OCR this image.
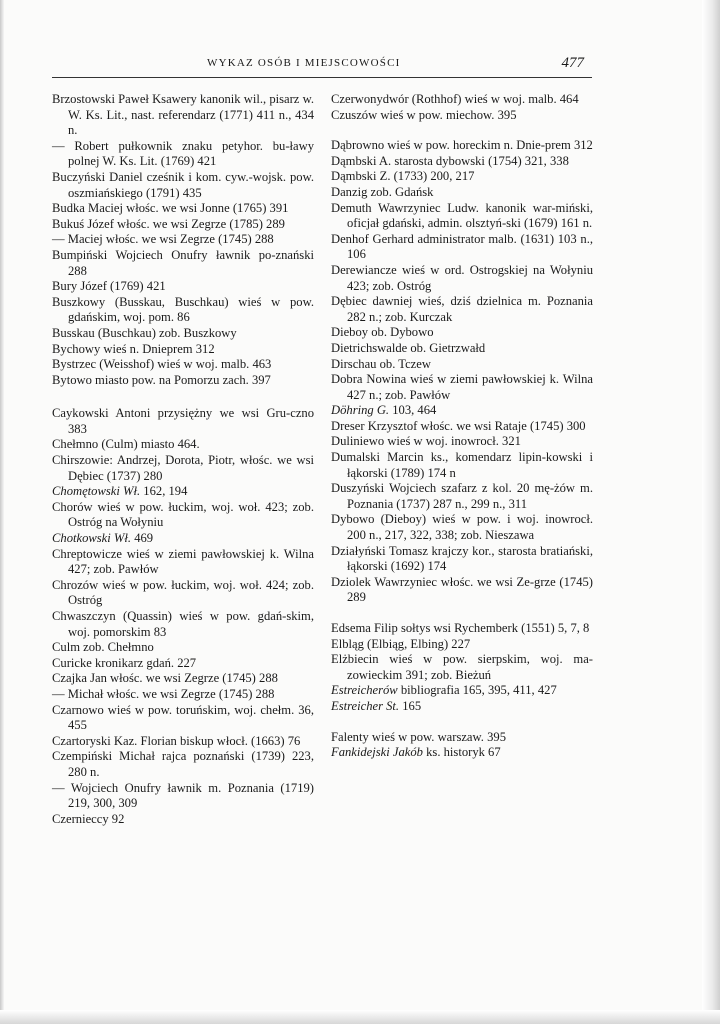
WYKAZ OSÓB I MIEJSCOWOŚCI	477

Brzostowski Paweł Ksawery kanonik wil., pisarz w. W. Ks. Lit., nast. referendarz (1771) 411 n., 434 n.

— Robert pułkownik znaku petyhor. bu-ławy polnej W. Ks. Lit. (1769) 421

Buczyński Daniel cześnik i kom. cyw.-wojsk. pow. oszmiańskiego (1791) 435

Budka Maciej włośc. we wsi Jonne (1765) 391

Bukuś Józef włośc. we wsi Zegrze (1785) 289

— Maciej włośc. we wsi Zegrze (1745) 288

Bumpiński Wojciech Onufry ławnik po-znański 288

Bury Józef (1769) 421

Buszkowy (Busskau, Buschkau) wieś w pow. gdańskim, woj. pom. 86

Busskau (Buschkau) zob. Buszkowy

Bychowy wieś n. Dnieprem 312

Bystrzec (Weisshof) wieś w woj. malb. 463

Bytowo miasto pow. na Pomorzu zach. 397

Caykowski Antoni przysiężny we wsi Gru-czno 383

Chełmno (Culm) miasto 464.

Chirszowie: Andrzej, Dorota, Piotr, włośc. we wsi Dębiec (1737) 280

Chomętowski Wł. 162, 194

Chorów wieś w pow. łuckim, woj. woł. 423; zob. Ostróg na Wołyniu

Chotkowski Wł. 469

Chreptowicze wieś w ziemi pawłowskiej k. Wilna 427; zob. Pawłów

Chrozów wieś w pow. łuckim, woj. woł. 424; zob. Ostróg

Chwaszczyn (Quassin) wieś w pow. gdań-skim, woj. pomorskim 83

Culm zob. Chełmno

Curicke kronikarz gdań. 227

Czajka Jan włośc. we wsi Zegrze (1745) 288

— Michał włośc. we wsi Zegrze (1745) 288

Czarnowo wieś w pow. toruńskim, woj. chełm. 36, 455

Czartoryski Kaz. Florian biskup włocł. (1663) 76

Czempiński Michał rajca poznański (1739) 223, 280 n.

— Wojciech Onufry ławnik m. Poznania (1719) 219, 300, 309

Czernieccy 92

Czerwonydwór (Rothhof) wieś w woj. malb. 464

Czuszów wieś w pow. miechow. 395

Dąbrowno wieś w pow. horeckim n. Dnie-prem 312

Dąmbski A. starosta dybowski (1754) 321, 338

Dąmbski Z. (1733) 200, 217

Danzig zob. Gdańsk

Demuth Wawrzyniec Ludw. kanonik war-miński, oficjał gdański, admin. olsztyń-ski (1679) 161 n.

Denhof Gerhard administrator malb. (1631) 103 n., 106

Derewiancze wieś w ord. Ostrogskiej na Wołyniu 423; zob. Ostróg

Dębiec dawniej wieś, dziś dzielnica m. Poznania 282 n.; zob. Kurczak

Dieboy ob. Dybowo

Dietrichswalde ob. Gietrzwałd

Dirschau ob. Tczew

Dobra Nowina wieś w ziemi pawłowskiej k. Wilna 427 n.; zob. Pawłów

Döhring G. 103, 464

Dreser Krzysztof włośc. we wsi Rataje (1745) 300

Duliniewo wieś w woj. inowrocł. 321

Dumalski Marcin ks., komendarz lipin-kowski i łąkorski (1789) 174 n

Duszyński Wojciech szafarz z kol. 20 mę-żów m. Poznania (1737) 287 n., 299 n., 311

Dybowo (Dieboy) wieś w pow. i woj. inowrocł. 200 n., 217, 322, 338; zob. Nieszawa

Działyński Tomasz krajczy kor., starosta bratiański, łąkorski (1692) 174

Dziolek Wawrzyniec włośc. we wsi Ze-grze (1745) 289

Edsema Filip sołtys wsi Rychemberk (1551) 5, 7, 8

Elbląg (Elbiąg, Elbing) 227

Elżbiecin wieś w pow. sierpskim, woj. ma-zowieckim 391; zob. Bieżuń

Estreicherów bibliografia 165, 395, 411, 427

Estreicher St. 165

Falenty wieś w pow. warszaw. 395

Fankidejski Jakób ks. historyk 67
